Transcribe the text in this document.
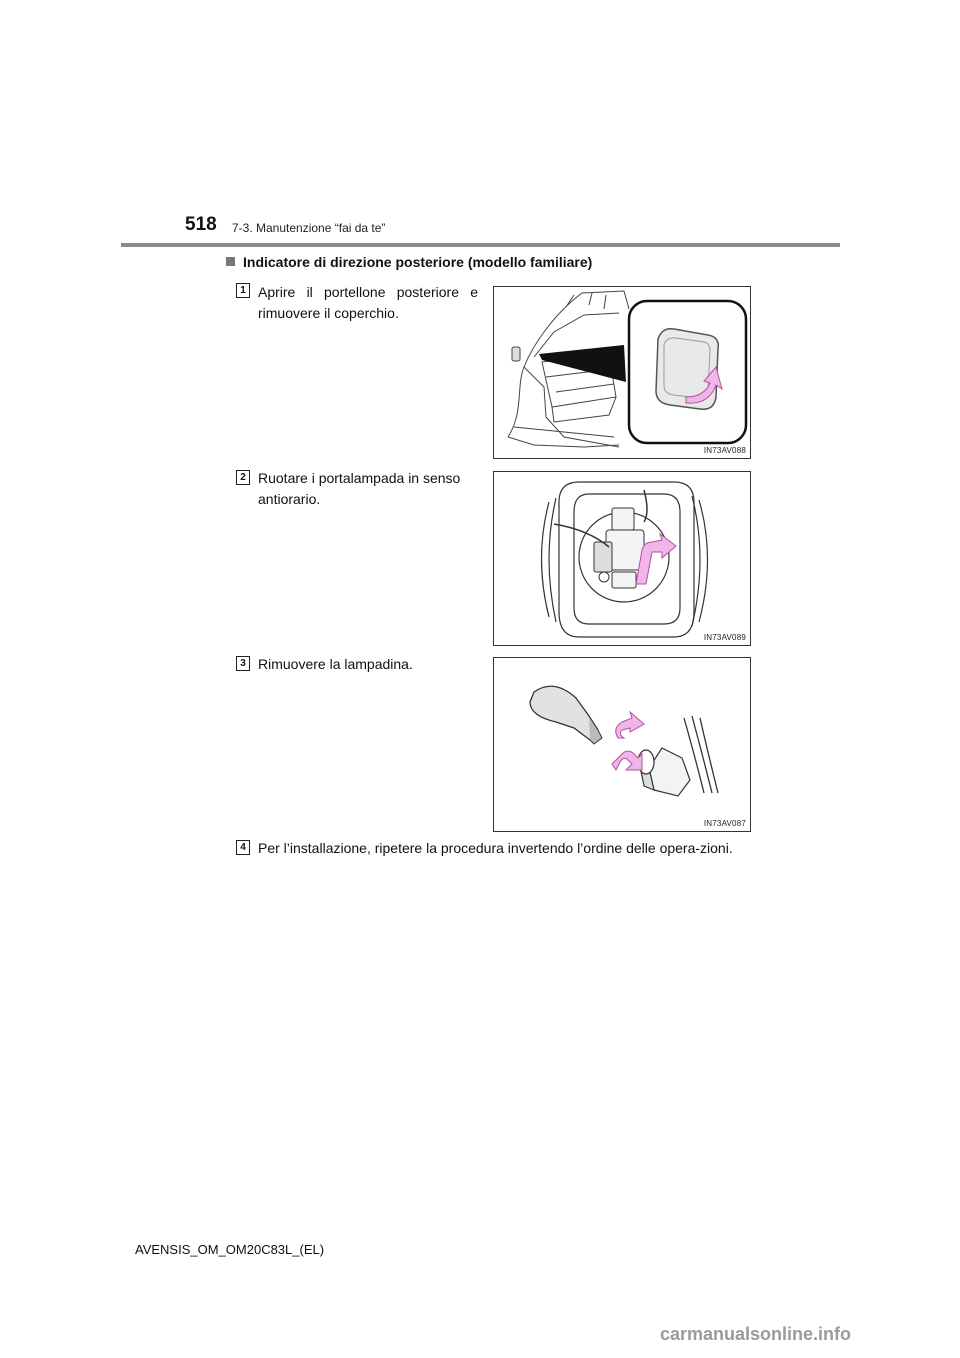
518 7-3. Manutenzione “fai da te”
Indicatore di direzione posteriore (modello familiare)
1 Aprire il portellone posteriore e rimuovere il coperchio.
IN73AV088
2 Ruotare i portalampada in senso antiorario.
IN73AV089
3 Rimuovere la lampadina.
IN73AV087
4 Per l’installazione, ripetere la procedura invertendo l’ordine delle opera-zioni.
AVENSIS_OM_OM20C83L_(EL)
carmanualsonline.info
